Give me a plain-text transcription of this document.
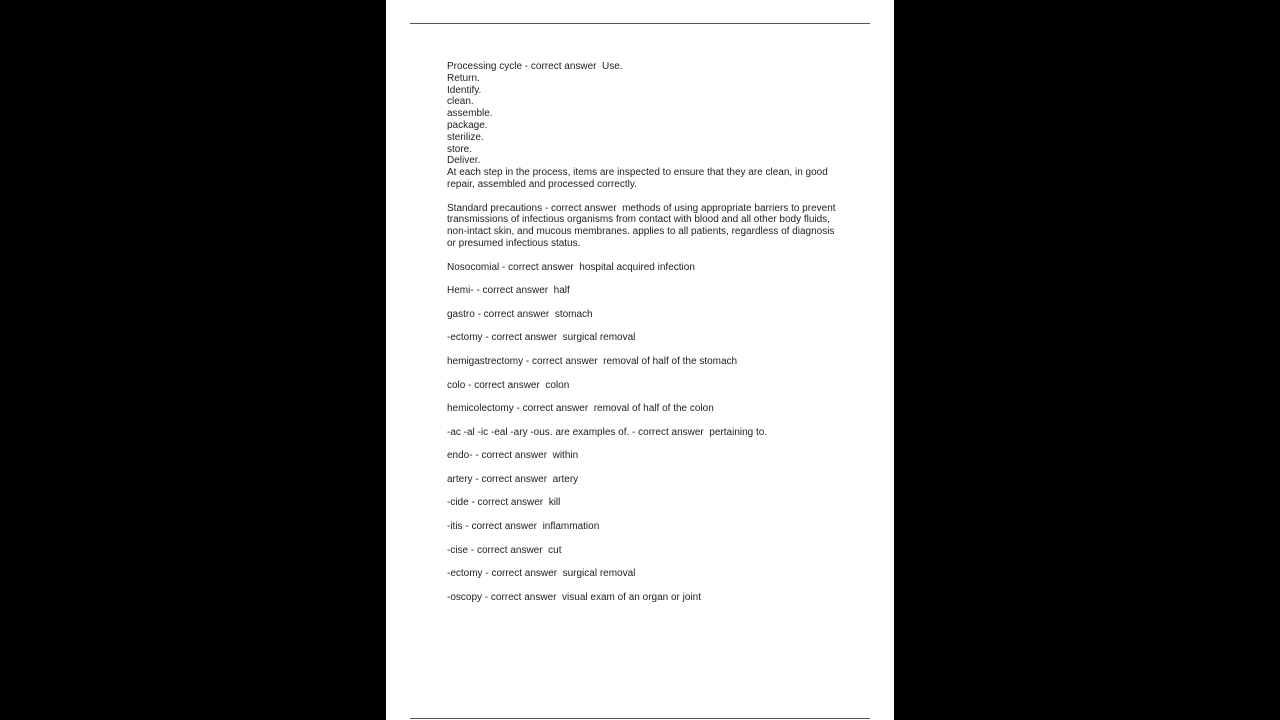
Processing cycle - correct answer  Use.
Return.
Identify.
clean.
assemble.
package.
sterilize.
store.
Deliver.
At each step in the process, items are inspected to ensure that they are clean, in good
repair, assembled and processed correctly.
Standard precautions - correct answer  methods of using appropriate barriers to prevent
transmissions of infectious organisms from contact with blood and all other body fluids,
non-intact skin, and mucous membranes. applies to all patients, regardless of diagnosis
or presumed infectious status.
Nosocomial - correct answer  hospital acquired infection
Hemi- - correct answer  half
gastro - correct answer  stomach
-ectomy - correct answer  surgical removal
hemigastrectomy - correct answer  removal of half of the stomach
colo - correct answer  colon
hemicolectomy - correct answer  removal of half of the colon
-ac -al -ic -eal -ary -ous. are examples of. - correct answer  pertaining to.
endo- - correct answer  within
artery - correct answer  artery
-cide - correct answer  kill
-itis - correct answer  inflammation
-cise - correct answer  cut
-ectomy - correct answer  surgical removal
-oscopy - correct answer  visual exam of an organ or joint
